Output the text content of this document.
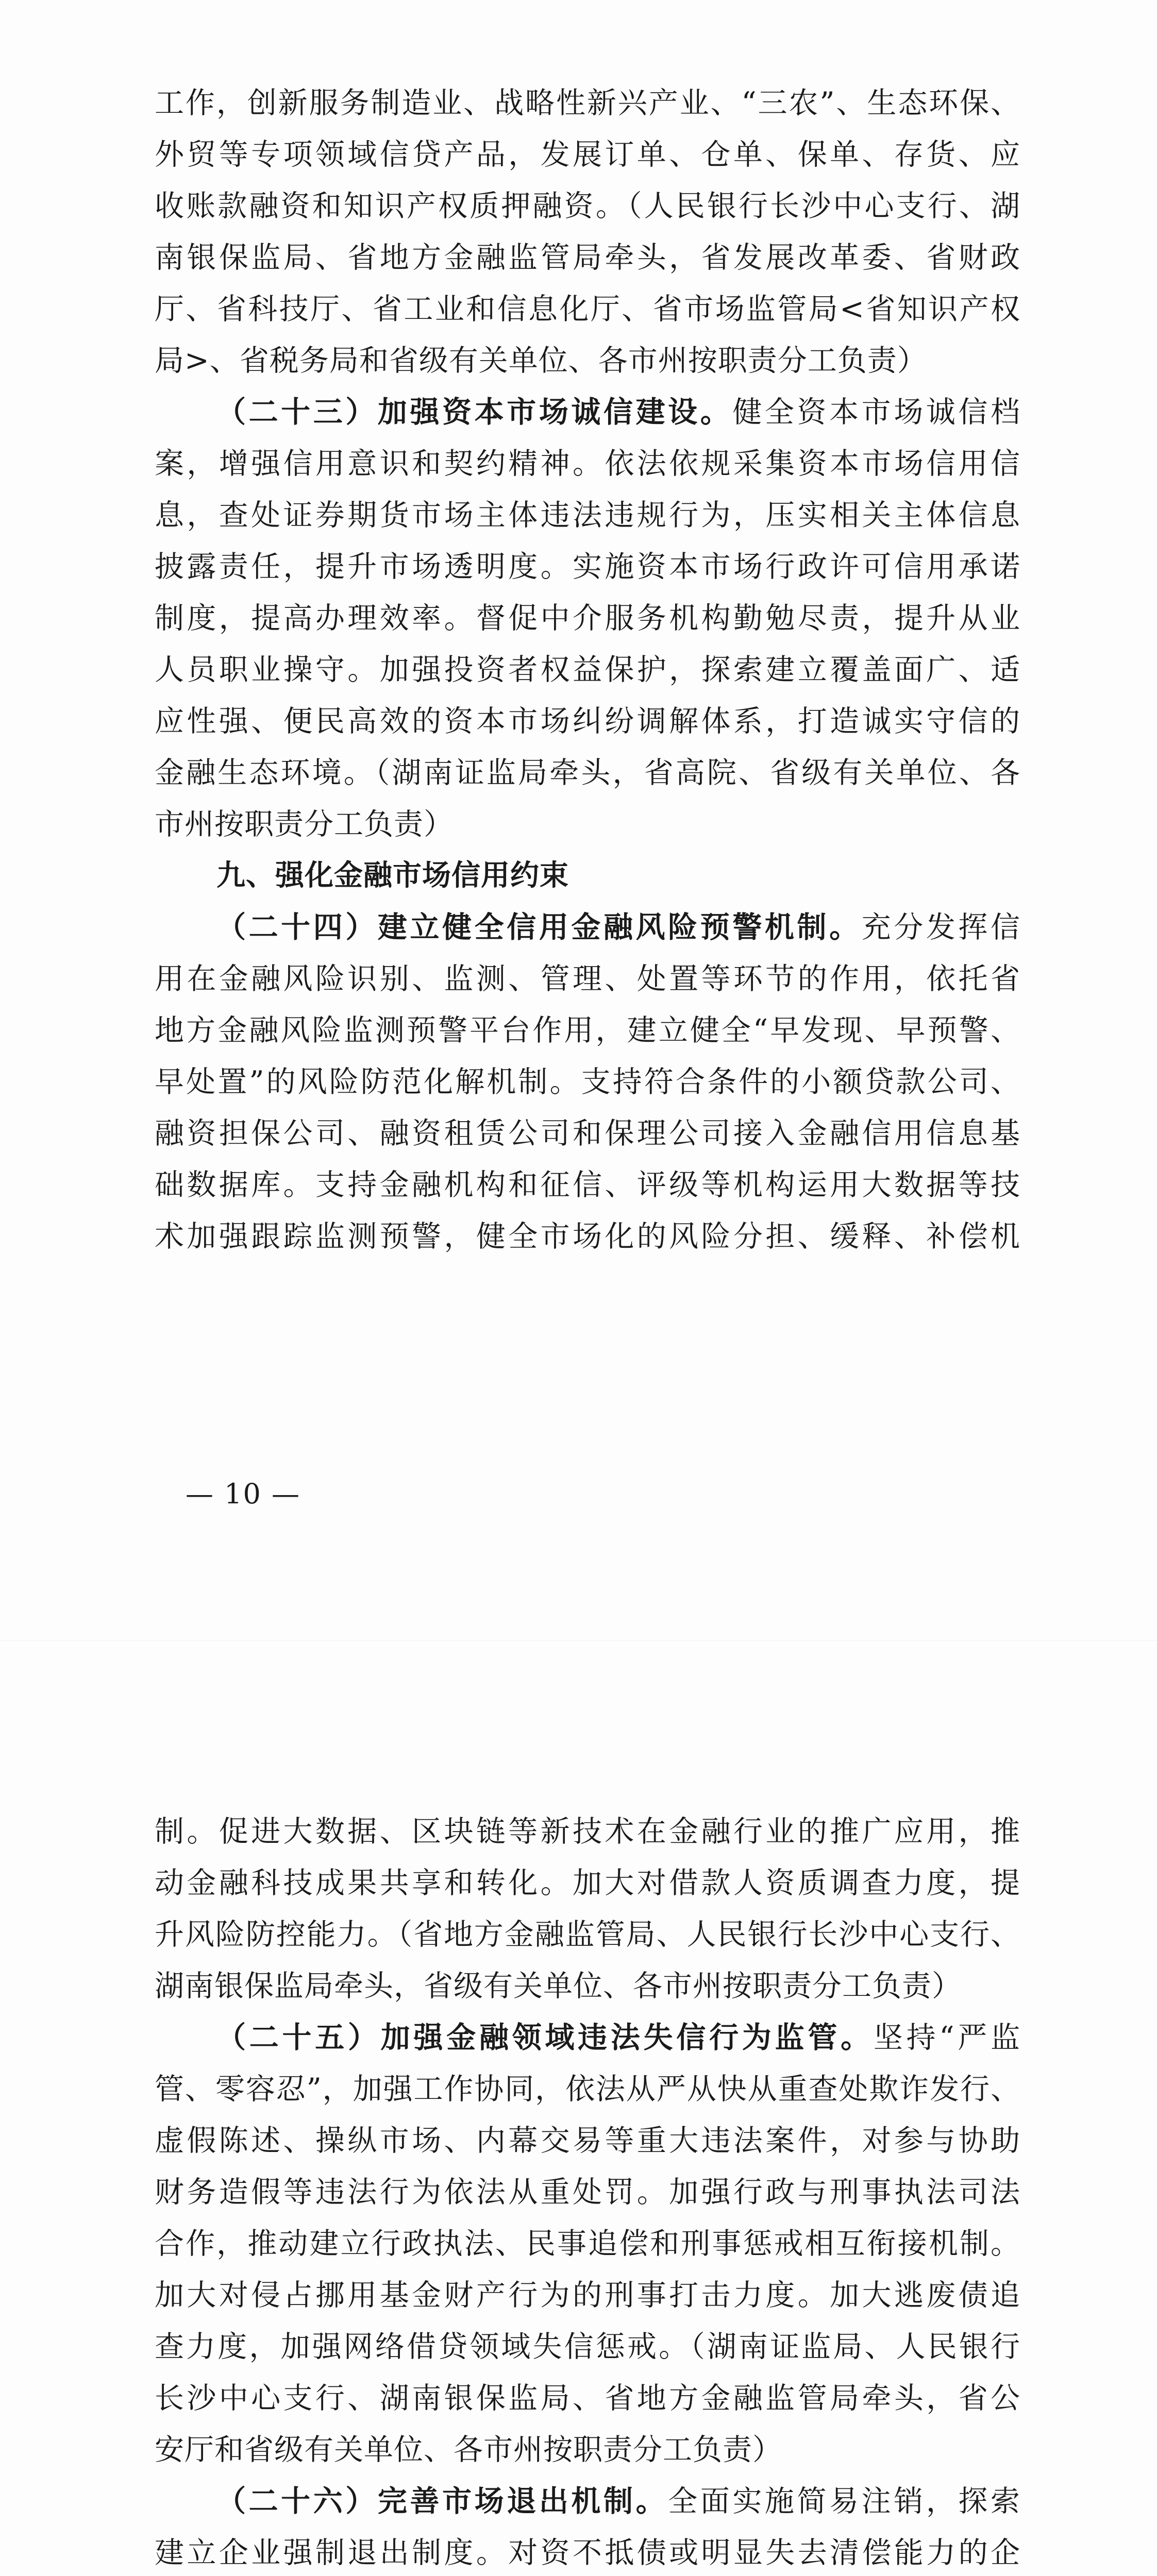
工作，创新服务制造业、战略性新兴产业、“三农”、生态环保、
外贸等专项领域信贷产品，发展订单、仓单、保单、存货、应
收账款融资和知识产权质押融资。（人民银行长沙中心支行、湖
南银保监局、省地方金融监管局牵头，省发展改革委、省财政
厅、省科技厅、省工业和信息化厅、省市场监管局<省知识产权
局>、省税务局和省级有关单位、各市州按职责分工负责）
（二十三）加强资本市场诚信建设。健全资本市场诚信档
案，增强信用意识和契约精神。依法依规采集资本市场信用信
息，查处证券期货市场主体违法违规行为，压实相关主体信息
披露责任，提升市场透明度。实施资本市场行政许可信用承诺
制度，提高办理效率。督促中介服务机构勤勉尽责，提升从业
人员职业操守。加强投资者权益保护，探索建立覆盖面广、适
应性强、便民高效的资本市场纠纷调解体系，打造诚实守信的
金融生态环境。（湖南证监局牵头，省高院、省级有关单位、各
市州按职责分工负责）
九、强化金融市场信用约束
（二十四）建立健全信用金融风险预警机制。充分发挥信
用在金融风险识别、监测、管理、处置等环节的作用，依托省
地方金融风险监测预警平台作用，建立健全“早发现、早预警、
早处置”的风险防范化解机制。支持符合条件的小额贷款公司、
融资担保公司、融资租赁公司和保理公司接入金融信用信息基
础数据库。支持金融机构和征信、评级等机构运用大数据等技
术加强跟踪监测预警，健全市场化的风险分担、缓释、补偿机
— 10 —
制。促进大数据、区块链等新技术在金融行业的推广应用，推
动金融科技成果共享和转化。加大对借款人资质调查力度，提
升风险防控能力。（省地方金融监管局、人民银行长沙中心支行、
湖南银保监局牵头，省级有关单位、各市州按职责分工负责）
（二十五）加强金融领域违法失信行为监管。坚持“严监
管、零容忍”，加强工作协同，依法从严从快从重查处欺诈发行、
虚假陈述、操纵市场、内幕交易等重大违法案件，对参与协助
财务造假等违法行为依法从重处罚。加强行政与刑事执法司法
合作，推动建立行政执法、民事追偿和刑事惩戒相互衔接机制。
加大对侵占挪用基金财产行为的刑事打击力度。加大逃废债追
查力度，加强网络借贷领域失信惩戒。（湖南证监局、人民银行
长沙中心支行、湖南银保监局、省地方金融监管局牵头，省公
安厅和省级有关单位、各市州按职责分工负责）
（二十六）完善市场退出机制。全面实施简易注销，探索
建立企业强制退出制度。对资不抵债或明显失去清偿能力的企
